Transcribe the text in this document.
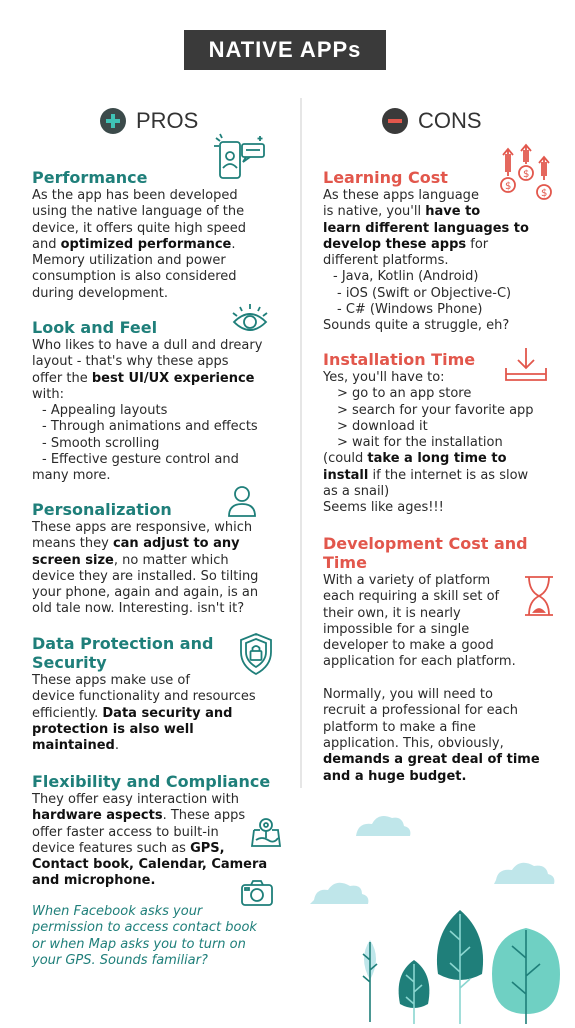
NATIVE APPs
PROS	CONS
Performance

As the app has been developed
using the native language of the
device, it offers quite high speed
and optimized performance.
Memory utilization and power
consumption is also considered
during development.

Look and Feel

Who likes to have a dull and dreary
layout - that's why these apps
offer the best UI/UX experience
with:
- Appealing layouts
- Through animations and effects
- Smooth scrolling
- Effective gesture control and
many more.

Personalization

These apps are responsive, which
means they can adjust to any
screen size, no matter which
device they are installed. So tilting
your phone, again and again, is an
old tale now. Interesting. isn't it?

Data Protection and
Security

These apps make use of
device functionality and resources
efficiently. Data security and
protection is also well
maintained.

Flexibility and Compliance

They offer easy interaction with
hardware aspects. These apps
offer faster access to built-in
device features such as GPS,
Contact book, Calendar, Camera
and microphone.

When Facebook asks your
permission to access contact book
or when Map asks you to turn on
your GPS. Sounds familiar?

Learning Cost

As these apps language
is native, you'll have to
learn different languages to
develop these apps for
different platforms.
- Java, Kotlin (Android)
- iOS (Swift or Objective-C)
- C# (Windows Phone)
Sounds quite a struggle, eh?

$
$
$
Installation Time

Yes, you'll have to:
> go to an app store
> search for your favorite app
> download it
> wait for the installation
(could take a long time to
install if the internet is as slow
as a snail)
Seems like ages!!!

Development Cost and
Time

With a variety of platform
each requiring a skill set of
their own, it is nearly
impossible for a single
developer to make a good
application for each platform.

Normally, you will need to
recruit a professional for each
platform to make a fine
application. This, obviously,
demands a great deal of time
and a huge budget.
